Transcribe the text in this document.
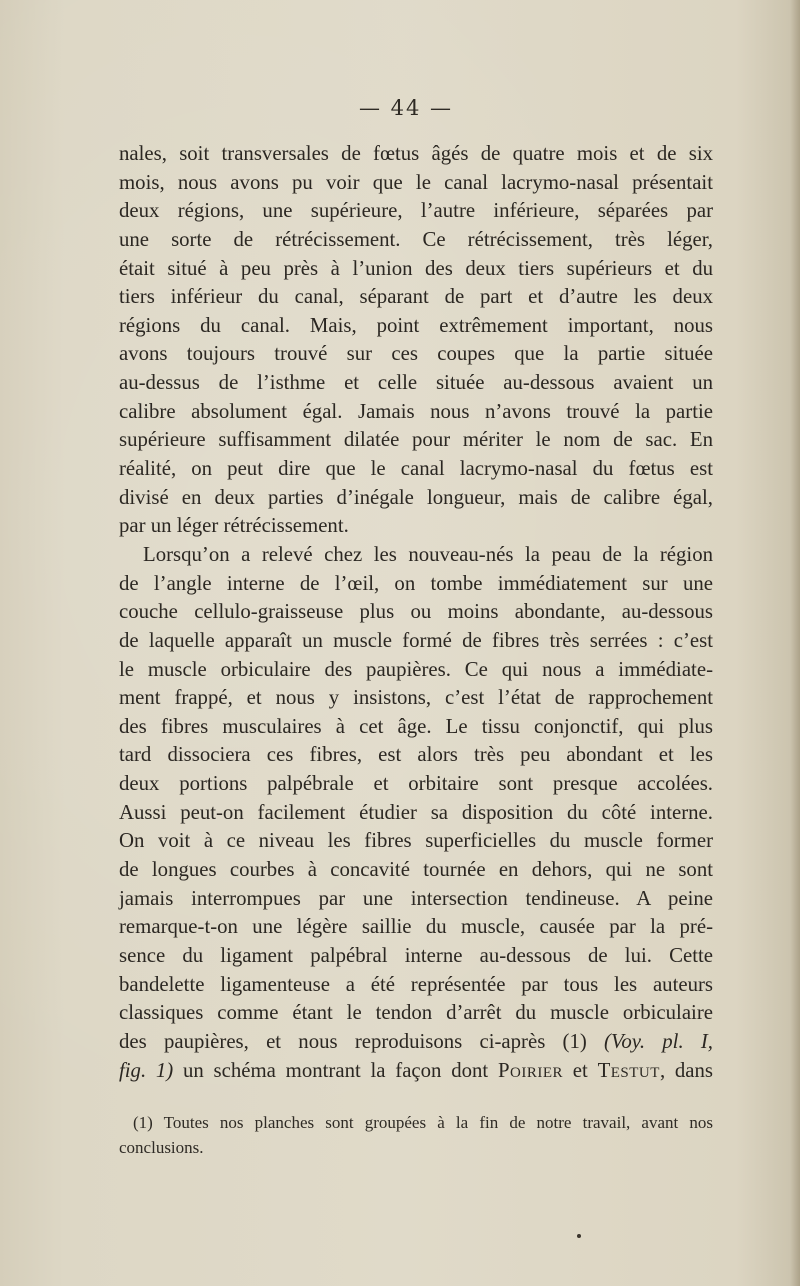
— 44 —
nales, soit transversales de fœtus âgés de quatre mois et de six
mois, nous avons pu voir que le canal lacrymo-nasal présentait
deux régions, une supérieure, l’autre inférieure, séparées par
une sorte de rétrécissement. Ce rétrécissement, très léger,
était situé à peu près à l’union des deux tiers supérieurs et du
tiers inférieur du canal, séparant de part et d’autre les deux
régions du canal. Mais, point extrêmement important, nous
avons toujours trouvé sur ces coupes que la partie située
au-dessus de l’isthme et celle située au-dessous avaient un
calibre absolument égal. Jamais nous n’avons trouvé la partie
supérieure suffisamment dilatée pour mériter le nom de sac. En
réalité, on peut dire que le canal lacrymo-nasal du fœtus est
divisé en deux parties d’inégale longueur, mais de calibre égal,
par un léger rétrécissement.
Lorsqu’on a relevé chez les nouveau-nés la peau de la région
de l’angle interne de l’œil, on tombe immédiatement sur une
couche cellulo-graisseuse plus ou moins abondante, au-dessous
de laquelle apparaît un muscle formé de fibres très serrées : c’est
le muscle orbiculaire des paupières. Ce qui nous a immédiate-
ment frappé, et nous y insistons, c’est l’état de rapprochement
des fibres musculaires à cet âge. Le tissu conjonctif, qui plus
tard dissociera ces fibres, est alors très peu abondant et les
deux portions palpébrale et orbitaire sont presque accolées.
Aussi peut-on facilement étudier sa disposition du côté interne.
On voit à ce niveau les fibres superficielles du muscle former
de longues courbes à concavité tournée en dehors, qui ne sont
jamais interrompues par une intersection tendineuse. A peine
remarque-t-on une légère saillie du muscle, causée par la pré-
sence du ligament palpébral interne au-dessous de lui. Cette
bandelette ligamenteuse a été représentée par tous les auteurs
classiques comme étant le tendon d’arrêt du muscle orbiculaire
des paupières, et nous reproduisons ci-après (1) (Voy. pl. I,
fig. 1) un schéma montrant la façon dont Poirier et Testut, dans
(1) Toutes nos planches sont groupées à la fin de notre travail, avant nos
conclusions.
